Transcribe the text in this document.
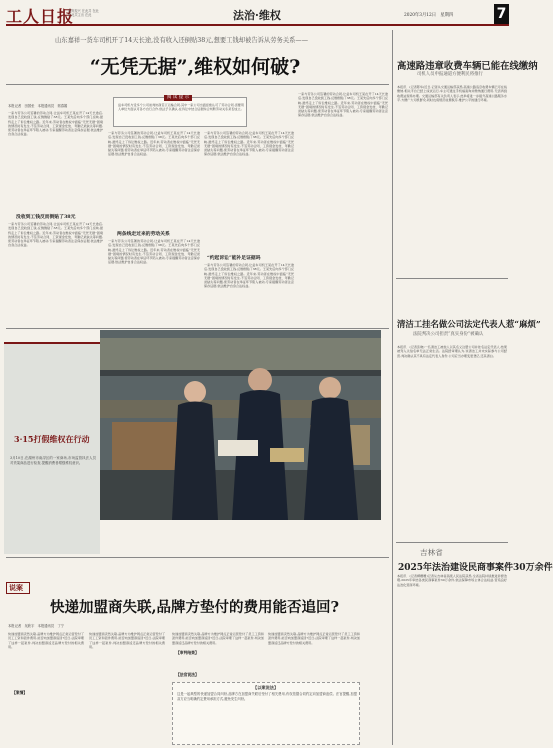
工人日报
教育振兴 在此共 在此
在此共主出 在此	法治·维权	2020年3月12日　星期四	7
山东嘉祥一货车司机开了14天长途,没有收入还倒贴38元,想要工钱却被告诉从劳务关系——
“无凭无据”,维权如何破?
本报记者　田国垒　本报通讯员　郭春娟
阅 读 提 示
货车司机与受多个公司谈判协商签订运输合同,其中一家公司出面拒绝认可了劳动合同,需要用人单位方面认可各方自行合作,依法予以确认,在诉讼中结合证据综合判断劳动关系是否成立。
一家与劳务公司签署的劳动合同,让货车司机王某在开了14天长途后,发现自己没收到工钱,反倒倒贴了38元。王某先后向多个部门反映,最终走上了诉讼维权之路。近年来,劳动者在维权中面临“无凭无据”困境的情况时有发生,不签劳动合同、工资现金发放、考勤记录缺失等问题,使劳动者在举证环节陷入被动,专家提醒劳动者注意保存证据,依法维护自身合法权益。
没收到工钱反而倒贴了38元
一家与劳务公司签署的劳动合同,让货车司机王某在开了14天长途后,发现自己没收到工钱,反倒倒贴了38元。王某先后向多个部门反映,最终走上了诉讼维权之路。近年来,劳动者在维权中面临“无凭无据”困境的情况时有发生,不签劳动合同、工资现金发放、考勤记录缺失等问题,使劳动者在举证环节陷入被动,专家提醒劳动者注意保存证据,依法维护自身合法权益。
一家与劳务公司签署的劳动合同,让货车司机王某在开了14天长途后,发现自己没收到工钱,反倒倒贴了38元。王某先后向多个部门反映,最终走上了诉讼维权之路。近年来,劳动者在维权中面临“无凭无据”困境的情况时有发生,不签劳动合同、工资现金发放、考勤记录缺失等问题,使劳动者在举证环节陷入被动,专家提醒劳动者注意保存证据,依法维护自身合法权益。
两条线走过来的劳动关系
一家与劳务公司签署的劳动合同,让货车司机王某在开了14天长途后,发现自己没收到工钱,反倒倒贴了38元。王某先后向多个部门反映,最终走上了诉讼维权之路。近年来,劳动者在维权中面临“无凭无据”困境的情况时有发生,不签劳动合同、工资现金发放、考勤记录缺失等问题,使劳动者在举证环节陷入被动,专家提醒劳动者注意保存证据,依法维护自身合法权益。
一家与劳务公司签署的劳动合同,让货车司机王某在开了14天长途后,发现自己没收到工钱,反倒倒贴了38元。王某先后向多个部门反映,最终走上了诉讼维权之路。近年来,劳动者在维权中面临“无凭无据”困境的情况时有发生,不签劳动合同、工资现金发放、考勤记录缺失等问题,使劳动者在举证环节陷入被动,专家提醒劳动者注意保存证据,依法维护自身合法权益。
“约起诉讼”能补足证据吗
一家与劳务公司签署的劳动合同,让货车司机王某在开了14天长途后,发现自己没收到工钱,反倒倒贴了38元。王某先后向多个部门反映,最终走上了诉讼维权之路。近年来,劳动者在维权中面临“无凭无据”困境的情况时有发生,不签劳动合同、工资现金发放、考勤记录缺失等问题,使劳动者在举证环节陷入被动,专家提醒劳动者注意保存证据,依法维护自身合法权益。
一家与劳务公司签署的劳动合同,让货车司机王某在开了14天长途后,发现自己没收到工钱,反倒倒贴了38元。王某先后向多个部门反映,最终走上了诉讼维权之路。近年来,劳动者在维权中面临“无凭无据”困境的情况时有发生,不签劳动合同、工资现金发放、考勤记录缺失等问题,使劳动者在举证环节陷入被动,专家提醒劳动者注意保存证据,依法维护自身合法权益。
高速路违章收费车辆已能在线缴纳
司机人员申报通道方便利民将推行
本报讯　(记者陈华)近日,记者从交通运输部获悉,高速公路违章收费车辆已可在线缴纳,相关平台已经上线试运行,车主可通过手机端查询并缴纳通行费用,无需再到收费站现场办理。交通运输部有关负责人表示,此举将进一步提升高速公路服务水平,方便广大司机群众,同时也将规范收费秩序,维护公平的通行环境。
清洁工挂名做公司法定代表人惹“麻烦”
法院判决公司担责“真实身份”被确认
本报讯　(记者张晓)一名清洁工被他人以其名义注册公司并挂名法定代表人,结果被列入失信名单无法正常生活。法院经审理认为,该清洁工并未实际参与公司经营,判决确认其不具有法定代表人身份,公司应当办理变更登记,还其清白。
吉林省
2025年法治建设民商事案件30万余件
本报讯　(记者柳姗姗)记者从吉林省高级人民法院获悉,全省法院持续推进诉源治理,2025年审结各类民商事案件30万余件,依法保障市场主体合法权益,营造良好法治化营商环境。
3·15打假维权在行动
3月10日,在湖州市南浔区的一家商场,市场监管执法人员对货架商品进行检查,提醒消费者增强维权意识。
说案
快递加盟商失联,品牌方垫付的费用能否追回?
本报记者　吴欣宇　本报通讯员　丁宁
快递加盟商突然失联,品牌方为维护网点正常运营垫付了员工工资和派件费用,能否向加盟商追回?近日,法院审理了这样一起案件,判决加盟商返还品牌方垫付的相关费用。
【案情】
快递加盟商突然失联,品牌方为维护网点正常运营垫付了员工工资和派件费用,能否向加盟商追回?近日,法院审理了这样一起案件,判决加盟商返还品牌方垫付的相关费用。
【审判结果】
快递加盟商突然失联,品牌方为维护网点正常运营垫付了员工工资和派件费用,能否向加盟商追回?近日,法院审理了这样一起案件,判决加盟商返还品牌方垫付的相关费用。
【法官说法】
快递加盟商突然失联,品牌方为维护网点正常运营垫付了员工工资和派件费用,能否向加盟商追回?近日,法院审理了这样一起案件,判决加盟商返还品牌方垫付的相关费用。
【以案说法】
这是一起典型的快递加盟合同纠纷,品牌方在加盟商失联后垫付了相关费用,有权依据合同约定向加盟商追偿。法官提醒,加盟双方应当明确约定费用承担方式,避免发生纠纷。
